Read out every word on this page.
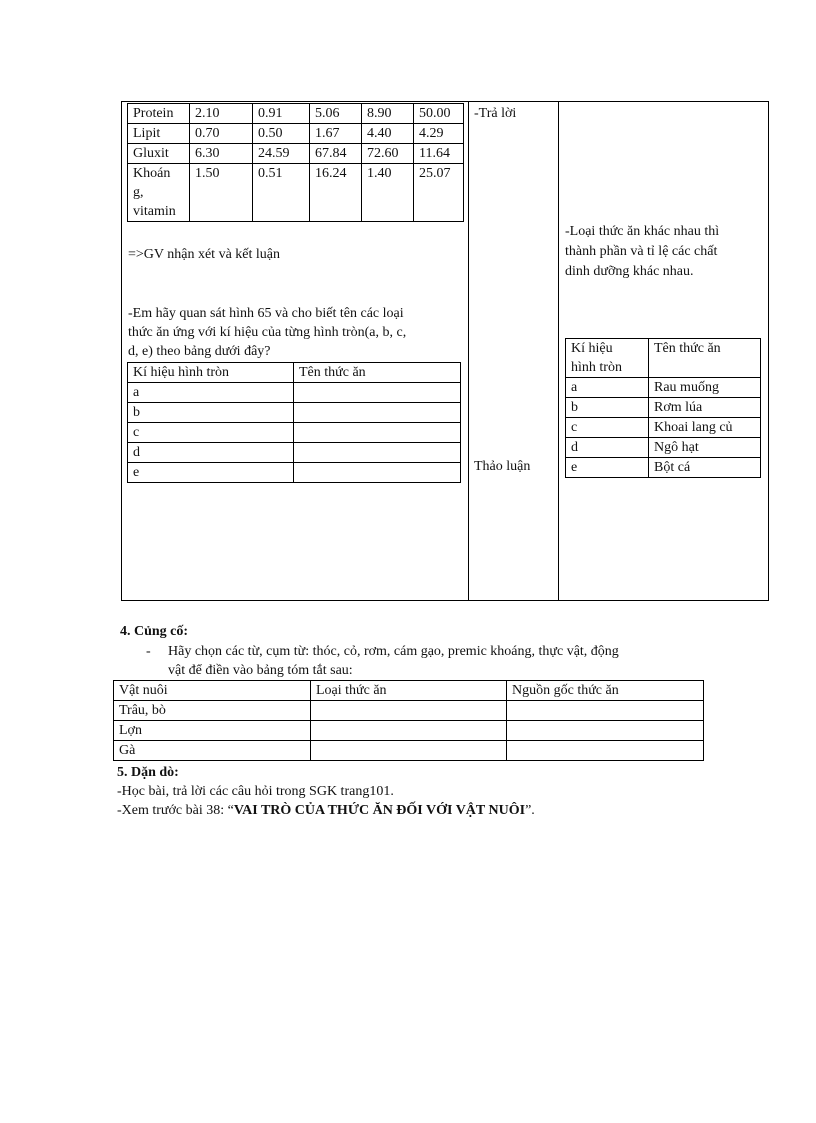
Protein	2.10	0.91	5.06	8.90	50.00
Lipit	0.70	0.50	1.67	4.40	4.29
Gluxit	6.30	24.59	67.84	72.60	11.64

Khoán
g,
vitamin	1.50	0.51	16.24	1.40	25.07
=>GV nhận xét và kết luận
-Em hãy quan sát hình 65 và cho biết tên các loại
thức ăn ứng với kí hiệu của từng hình tròn(a, b, c,
d, e) theo bảng dưới đây?
Kí hiệu hình tròn	Tên thức ăn
a	
b	
c	
d	
e	
-Trả lời
Thảo luận
-Loại thức ăn khác nhau thì
thành phần và tỉ lệ các chất
dinh dưỡng khác nhau.
Kí hiệu
hình tròn	Tên thức ăn
a	Rau muống
b	Rơm lúa
c	Khoai lang củ
d	Ngô hạt
e	Bột cá
4. Củng cố:
- Hãy chọn các từ, cụm từ: thóc, cỏ, rơm, cám gạo, premic khoáng, thực vật, động
vật để điền vào bảng tóm tắt sau:
Vật nuôi	Loại thức ăn	Nguồn gốc thức ăn
Trâu, bò		
Lợn		
Gà		
5. Dặn dò:
-Học bài, trả lời các câu hỏi trong SGK trang101.
-Xem trước bài 38: “VAI TRÒ CỦA THỨC ĂN ĐỐI VỚI VẬT NUÔI”.
